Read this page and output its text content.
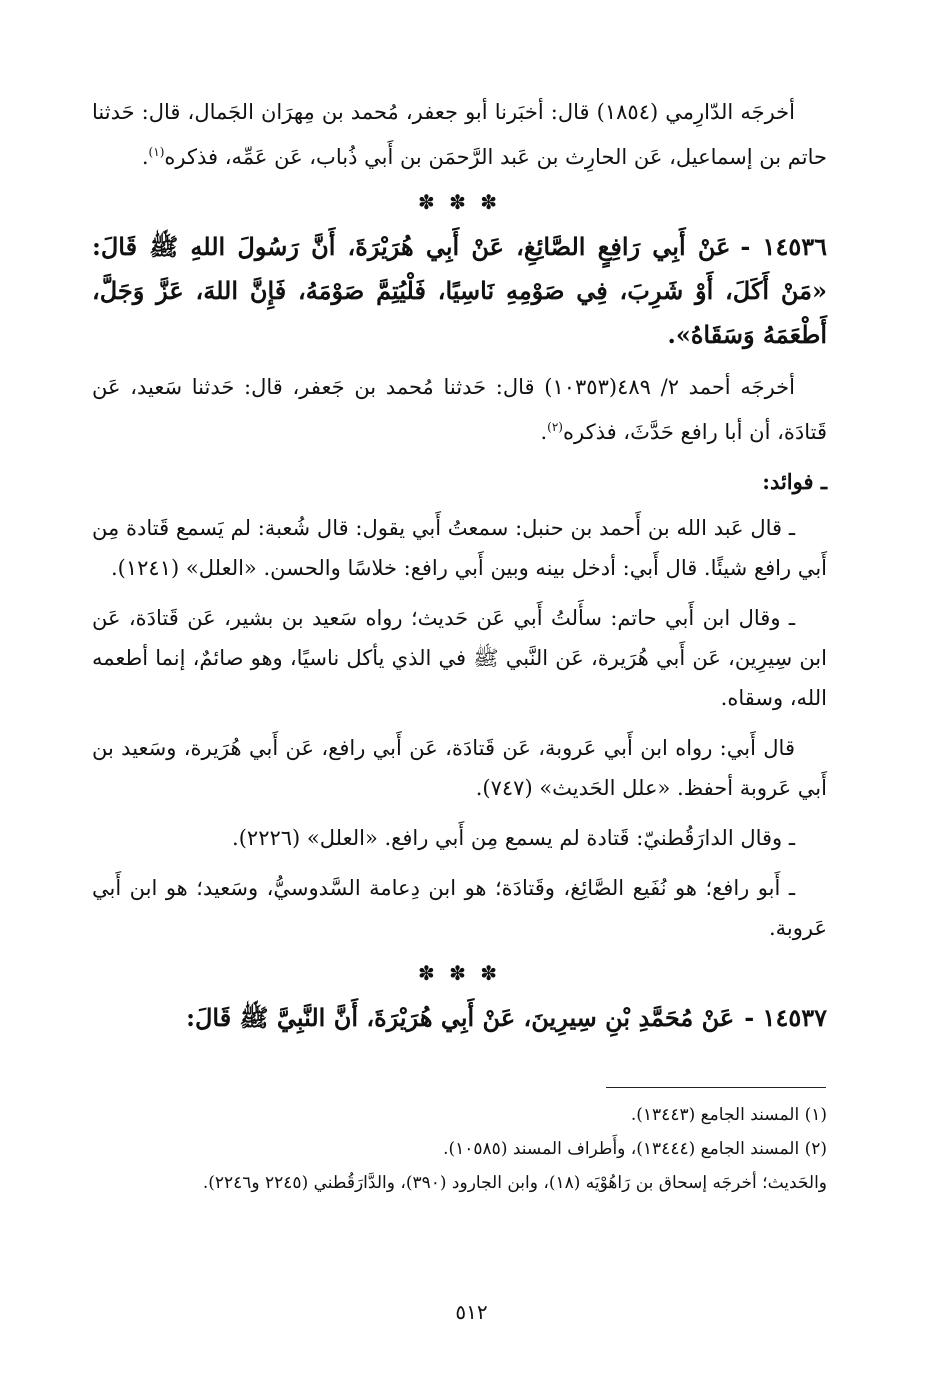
أخرجَه الدّارِمي (١٨٥٤) قال: أخبَرنا أبو جعفر، مُحمد بن مِهرَان الجَمال، قال: حَدثنا حاتم بن إسماعيل، عَن الحارِث بن عَبد الرَّحمَن بن أَبي ذُباب، عَن عَمِّه، فذكره$^{(١)}$.

✽ ✽ ✽

١٤٥٣٦ -عَنْ أَبِي رَافِعٍ الصَّائِغِ، عَنْ أَبِي هُرَيْرَةَ، أَنَّ رَسُولَ اللهِ ﷺ قَالَ: «مَنْ أَكَلَ، أَوْ شَرِبَ، فِي صَوْمِهِ نَاسِيًا، فَلْيُتِمَّ صَوْمَهُ، فَإِنَّ اللهَ، عَزَّ وَجَلَّ، أَطْعَمَهُ وَسَقَاهُ».

أخرجَه أحمد ٢/ ٤٨٩(١٠٣٥٣) قال: حَدثنا مُحمد بن جَعفر، قال: حَدثنا سَعيد، عَن قَتادَة، أن أبا رافع حَدَّثَ، فذكره$^{(٢)}$.

ـ فوائد:

ـ قال عَبد الله بن أَحمد بن حنبل: سمعتُ أَبي يقول: قال شُعبة: لم يَسمع قَتادة مِن أَبي رافع شيئًا. قال أَبي: أدخل بينه وبين أَبي رافع: خلاسًا والحسن. «العلل» (١٢٤١).

ـ وقال ابن أَبي حاتم: سأَلتُ أَبي عَن حَديث؛ رواه سَعيد بن بشير، عَن قَتادَة، عَن ابن سِيرِين، عَن أَبي هُرَيرة، عَن النَّبي ﷺ في الذي يأكل ناسيًا، وهو صائمٌ، إنما أطعمه الله، وسقاه.

قال أَبي: رواه ابن أَبي عَروبة، عَن قَتادَة، عَن أَبي رافع، عَن أَبي هُرَيرة، وسَعيد بن أَبي عَروبة أحفظ. «علل الحَديث» (٧٤٧).

ـ وقال الدارَقُطنيّ: قَتادة لم يسمع مِن أَبي رافع. «العلل» (٢٢٢٦).

ـ أَبو رافع؛ هو نُفَيع الصَّائِغ، وقَتادَة؛ هو ابن دِعامة السَّدوسيُّ، وسَعيد؛ هو ابن أَبي عَروبة.

✽ ✽ ✽

١٤٥٣٧ -عَنْ مُحَمَّدِ بْنِ سِيرِينَ، عَنْ أَبِي هُرَيْرَةَ، أَنَّ النَّبِيَّ ﷺ قَالَ:

(١) المسند الجامع (١٣٤٤٣).

(٢) المسند الجامع (١٣٤٤٤)، وأَطراف المسند (١٠٥٨٥).

والحَديث؛ أخرجَه إسحاق بن رَاهُوْيَه (١٨)، وابن الجارود (٣٩٠)، والدَّارَقُطني (٢٢٤٥ و٢٢٤٦).

٥١٢
